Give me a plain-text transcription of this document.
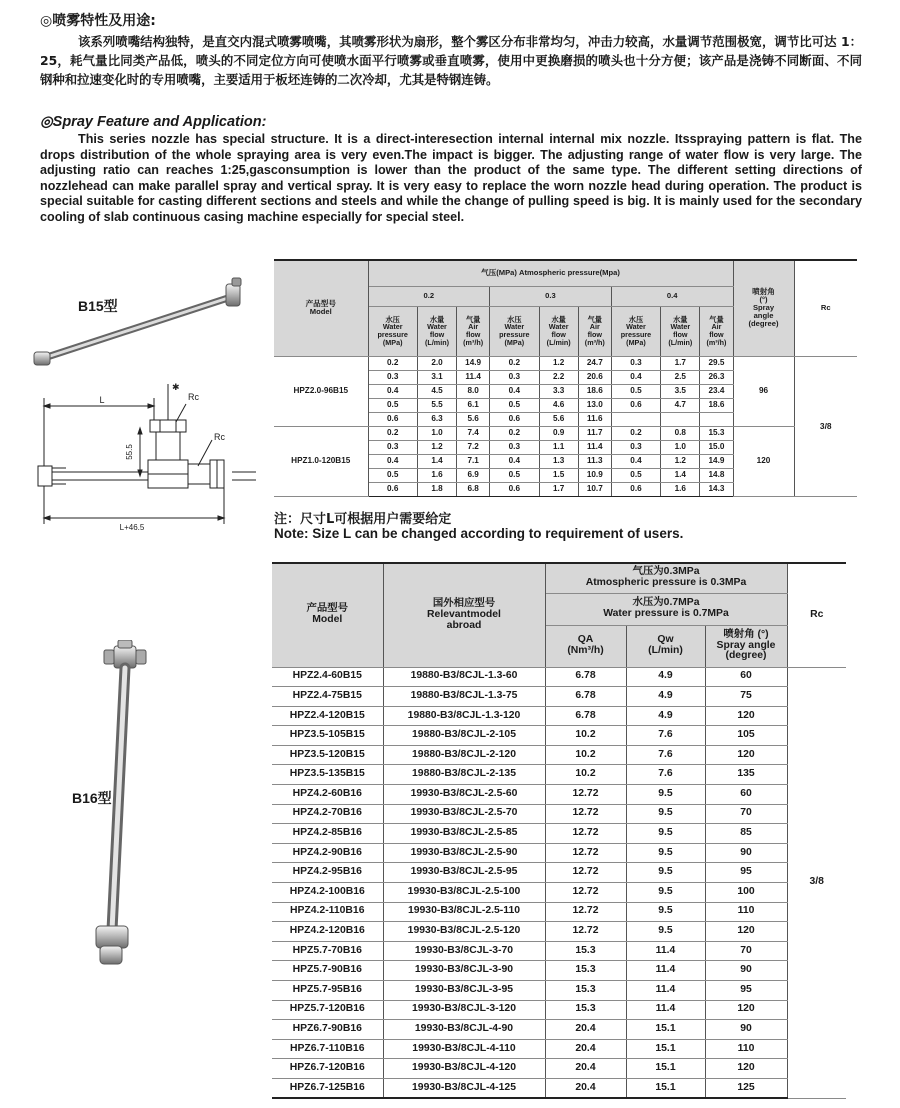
◎喷雾特性及用途:
该系列喷嘴结构独特，是直交内混式喷雾喷嘴，其喷雾形状为扇形，整个雾区分布非常均匀，冲击力较高，水量调节范围极宽，调节比可达 1：25，耗气量比同类产品低，喷头的不同定位方向可使喷水面平行喷雾或垂直喷雾，使用中更换磨损的喷头也十分方便；该产品是浇铸不同断面、不同钢种和拉速变化时的专用喷嘴，主要适用于板坯连铸的二次冷却，尤其是特钢连铸。
◎Spray Feature and Application:
This series nozzle has special structure. It is a direct-interesection internal internal mix nozzle. Itsspraying pattern is flat. The drops distribution of the whole spraying area is very even.The impact is bigger. The adjusting range of water flow is very large. The adjusting ratio can reaches 1:25,gasconsumption is lower than the product of the same type. The different setting directions of nozzlehead can make parallel spray and vertical spray. It is very easy to replace the worn nozzle head during operation. The product is special suitable for casting different sections and steels and while the change of pulling speed is big. It is mainly used for the secondary cooling of slab continuous casing machine especially for special steel.
B15型
L
55.5
Rc
Rc
L+46.5
✱
产品型号
Model	气压(MPa) Atmospheric pressure(Mpa)									喷射角
(°)
Spray
angle
(degree)	Rc
	0.2			0.3			0.4				
	水压
Water
pressure
(MPa)	水量
Water
flow
(L/min)	气量
Air
flow
(m³/h)	水压
Water
pressure
(MPa)	水量
Water
flow
(L/min)	气量
Air
flow
(m³/h)	水压
Water
pressure
(MPa)	水量
Water
flow
(L/min)	气量
Air
flow
(m³/h)		
HPZ2.0-96B15	0.2	2.0	14.9	0.2	1.2	24.7	0.3	1.7	29.5	96	3/8
	0.3	3.1	11.4	0.3	2.2	20.6	0.4	2.5	26.3		
	0.4	4.5	8.0	0.4	3.3	18.6	0.5	3.5	23.4		
	0.5	5.5	6.1	0.5	4.6	13.0	0.6	4.7	18.6		
	0.6	6.3	5.6	0.6	5.6	11.6					
HPZ1.0-120B15	0.2	1.0	7.4	0.2	0.9	11.7	0.2	0.8	15.3	120	
	0.3	1.2	7.2	0.3	1.1	11.4	0.3	1.0	15.0		
	0.4	1.4	7.1	0.4	1.3	11.3	0.4	1.2	14.9		
	0.5	1.6	6.9	0.5	1.5	10.9	0.5	1.4	14.8		
	0.6	1.8	6.8	0.6	1.7	10.7	0.6	1.6	14.3		
注：尺寸L可根据用户需要给定
Note: Size L can be changed according to requirement of users.
B16型
产品型号
Model	国外相应型号
Relevantmodel
abroad	气压为0.3MPa
Atmospheric pressure is 0.3MPa			Rc
		水压为0.7MPa
Water pressure is 0.7MPa			
		QA
(Nm³/h)	Qw
(L/min)	喷射角 (°)
Spray angle
(degree)	
HPZ2.4-60B15	19880-B3/8CJL-1.3-60	6.78	4.9	60	3/8
HPZ2.4-75B15	19880-B3/8CJL-1.3-75	6.78	4.9	75	
HPZ2.4-120B15	19880-B3/8CJL-1.3-120	6.78	4.9	120	
HPZ3.5-105B15	19880-B3/8CJL-2-105	10.2	7.6	105	
HPZ3.5-120B15	19880-B3/8CJL-2-120	10.2	7.6	120	
HPZ3.5-135B15	19880-B3/8CJL-2-135	10.2	7.6	135	
HPZ4.2-60B16	19930-B3/8CJL-2.5-60	12.72	9.5	60	
HPZ4.2-70B16	19930-B3/8CJL-2.5-70	12.72	9.5	70	
HPZ4.2-85B16	19930-B3/8CJL-2.5-85	12.72	9.5	85	
HPZ4.2-90B16	19930-B3/8CJL-2.5-90	12.72	9.5	90	
HPZ4.2-95B16	19930-B3/8CJL-2.5-95	12.72	9.5	95	
HPZ4.2-100B16	19930-B3/8CJL-2.5-100	12.72	9.5	100	
HPZ4.2-110B16	19930-B3/8CJL-2.5-110	12.72	9.5	110	
HPZ4.2-120B16	19930-B3/8CJL-2.5-120	12.72	9.5	120	
HPZ5.7-70B16	19930-B3/8CJL-3-70	15.3	11.4	70	
HPZ5.7-90B16	19930-B3/8CJL-3-90	15.3	11.4	90	
HPZ5.7-95B16	19930-B3/8CJL-3-95	15.3	11.4	95	
HPZ5.7-120B16	19930-B3/8CJL-3-120	15.3	11.4	120	
HPZ6.7-90B16	19930-B3/8CJL-4-90	20.4	15.1	90	
HPZ6.7-110B16	19930-B3/8CJL-4-110	20.4	15.1	110	
HPZ6.7-120B16	19930-B3/8CJL-4-120	20.4	15.1	120	
HPZ6.7-125B16	19930-B3/8CJL-4-125	20.4	15.1	125	
